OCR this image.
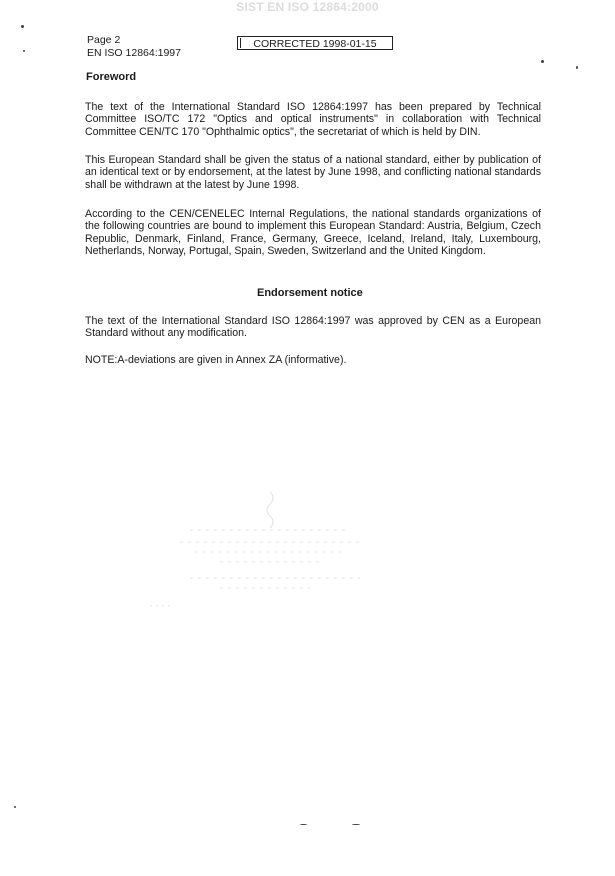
SIST EN ISO 12864:2000
Page 2
EN ISO 12864:1997
CORRECTED 1998-01-15
Foreword
The text of the International Standard ISO 12864:1997 has been prepared by Technical Committee ISO/TC 172 "Optics and optical instruments" in collaboration with Technical Committee CEN/TC 170 "Ophthalmic optics", the secretariat of which is held by DIN.
This European Standard shall be given the status of a national standard, either by publication of an identical text or by endorsement, at the latest by June 1998, and conflicting national standards shall be withdrawn at the latest by June 1998.
According to the CEN/CENELEC Internal Regulations, the national standards organizations of the following countries are bound to implement this European Standard: Austria, Belgium, Czech Republic, Denmark, Finland, France, Germany, Greece, Iceland, Ireland, Italy, Luxembourg, Netherlands, Norway, Portugal, Spain, Sweden, Switzerland and the United Kingdom.
Endorsement notice
The text of the International Standard ISO 12864:1997 was approved by CEN as a European Standard without any modification.
NOTE:A-deviations are given in Annex ZA (informative).
